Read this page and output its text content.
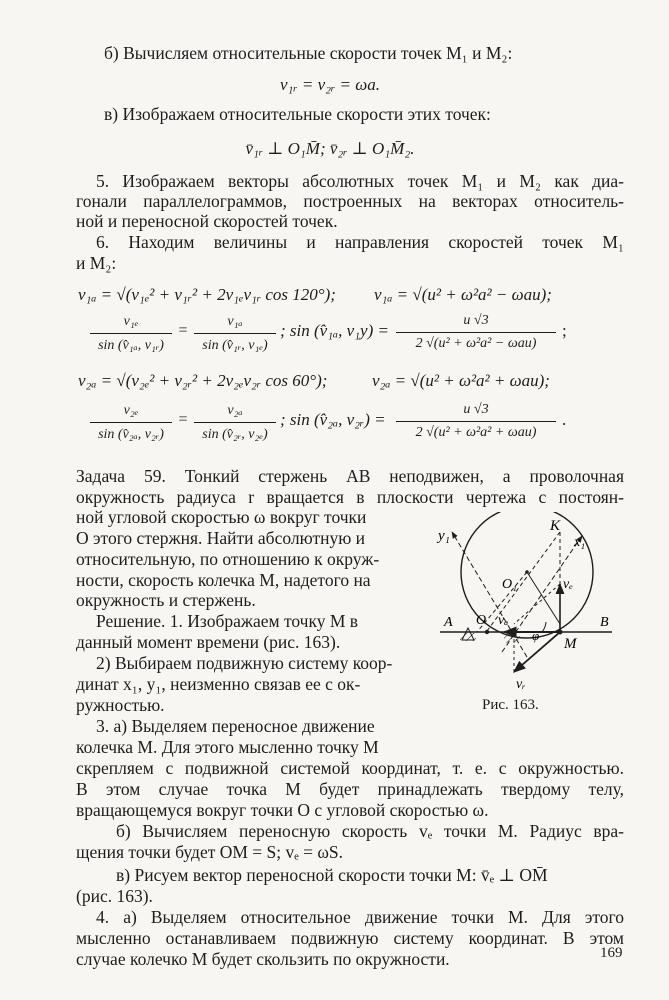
б) Вычисляем относительные скорости точек M₁ и M₂:
v₁ᵣ = v₂ᵣ = ωa.
в) Изображаем относительные скорости этих точек:
v̄₁ᵣ ⊥ O₁M̄; v̄₂ᵣ ⊥ O₁M̄₂.
5. Изображаем векторы абсолютных точек M₁ и M₂ как диа-
гонали параллелограммов, построенных на векторах относитель-
ной и переносной скоростей точек.
6. Находим величины и направления скоростей точек M₁
и M₂:
v₁ₐ = √(v₁ₑ² + v₁ᵣ² + 2v₁ₑv₁ᵣ cos 120°); v₁ₐ = √(u² + ω²a² − ωau);
v₁ₑ
sin (v̂₁ₐ, v₁ᵣ)
=
v₁ₐ
sin (v̂₁ᵣ, v₁ₑ)
; sin (v̂₁ₐ, v₁y) =
u √3
2 √(u² + ω²a² − ωau)
;
v₂ₐ = √(v₂ₑ² + v₂ᵣ² + 2v₂ₑv₂ᵣ cos 60°);	v₂ₐ = √(u² + ω²a² + ωau);
v₂ₑ
sin (v̂₂ₐ, v₂ᵣ)
=
v₂ₐ
sin (v̂₂ᵣ, v₂ₑ)
; sin (v̂₂ₐ, v₂ᵣ) =
u √3
2 √(u² + ω²a² + ωau)
.
Задача 59. Тонкий стержень AB неподвижен, а проволочная
окружность радиуса r вращается в плоскости чертежа с постоян-
ной угловой скоростью ω вокруг точки
O этого стержня. Найти абсолютную и
относительную, по отношению к окруж-
ности, скорость колечка M, надетого на
окружность и стержень.
Решение. 1. Изображаем точку M в
данный момент времени (рис. 163).
2) Выбираем подвижную систему коор-
динат x₁, y₁, неизменно связав ее с ок-
ружностью.
3. а) Выделяем переносное движение
колечка M. Для этого мысленно точку M
скрепляем с подвижной системой координат, т. е. с окружностью.
В этом случае точка M будет принадлежать твердому телу,
вращающемуся вокруг точки O с угловой скоростью ω.
б) Вычисляем переносную скорость vₑ точки M. Радиус вра-
щения точки будет OM = S; vₑ = ωS.
в) Рисуем вектор переносной скорости точки M: v̄ₑ ⊥ OM̄
(рис. 163).
4. а) Выделяем относительное движение точки M. Для этого
мысленно останавливаем подвижную систему координат. В этом
случае колечко M будет скользить по окружности.
y₁
K
x₁
O₁	vₑ
O vₐ
φ
M
A	B
vᵣ
Рис. 163.
169
